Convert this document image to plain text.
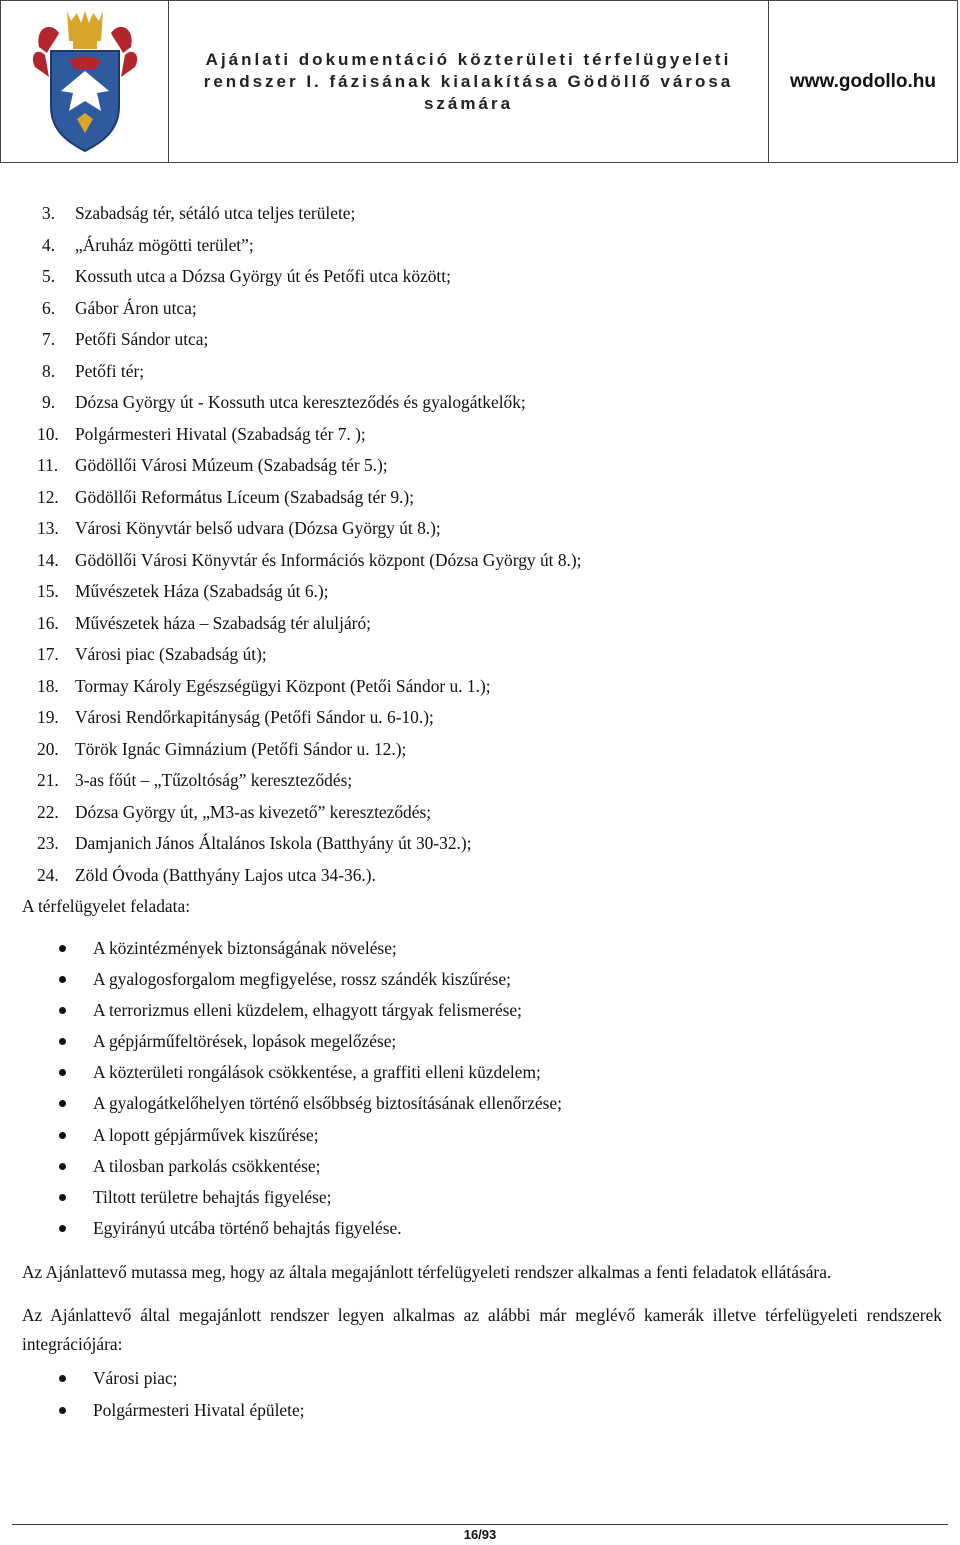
Ajánlati dokumentáció közterületi térfelügyeleti rendszer I. fázisának kialakítása Gödöllő városa számára
www.godollo.hu
3.	Szabadság tér, sétáló utca teljes területe;
4.	„Áruház mögötti terület”;
5.	Kossuth utca a Dózsa György út és Petőfi utca között;
6.	Gábor Áron utca;
7.	Petőfi Sándor utca;
8.	Petőfi tér;
9.	Dózsa György út - Kossuth utca kereszteződés és gyalogátkelők;
10. Polgármesteri Hivatal (Szabadság tér 7. );
11. Gödöllői Városi Múzeum (Szabadság tér 5.);
12. Gödöllői Református Líceum (Szabadság tér 9.);
13. Városi Könyvtár belső udvara (Dózsa György út 8.);
14. Gödöllői Városi Könyvtár és Információs központ (Dózsa György út 8.);
15. Művészetek Háza (Szabadság út 6.);
16. Művészetek háza – Szabadság tér aluljáró;
17. Városi piac (Szabadság út);
18. Tormay Károly Egészségügyi Központ (Petői Sándor u. 1.);
19. Városi Rendőrkapitányság (Petőfi Sándor u. 6-10.);
20. Török Ignác Gimnázium (Petőfi Sándor u. 12.);
21. 3-as főút – „Tűzoltóság” kereszteződés;
22. Dózsa György út, „M3-as kivezető” kereszteződés;
23. Damjanich János Általános Iskola (Batthyány út 30-32.);
24. Zöld Óvoda (Batthyány Lajos utca 34-36.).

A térfelügyelet feladata:

A közintézmények biztonságának növelése;
A gyalogosforgalom megfigyelése, rossz szándék kiszűrése;
A terrorizmus elleni küzdelem, elhagyott tárgyak felismerése;
A gépjárműfeltörések, lopások megelőzése;
A közterületi rongálások csökkentése, a graffiti elleni küzdelem;
A gyalogátkelőhelyen történő elsőbbség biztosításának ellenőrzése;
A lopott gépjárművek kiszűrése;
A tilosban parkolás csökkentése;
Tiltott területre behajtás figyelése;
Egyirányú utcába történő behajtás figyelése.

Az Ajánlattevő mutassa meg, hogy az általa megajánlott térfelügyeleti rendszer alkalmas a fenti feladatok ellátására.

Az Ajánlattevő által megajánlott rendszer legyen alkalmas az alábbi már meglévő kamerák illetve térfelügyeleti rendszerek integrációjára:

Városi piac;
Polgármesteri Hivatal épülete;
16/93
